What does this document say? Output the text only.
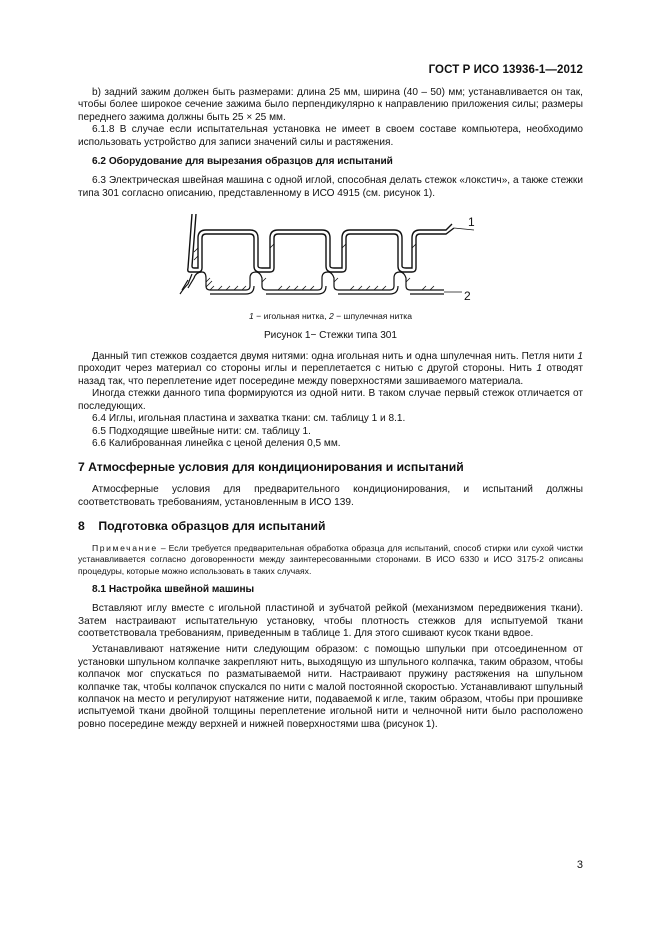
ГОСТ Р ИСО 13936-1—2012

b) задний зажим должен быть размерами: длина 25 мм, ширина (40 – 50) мм; устанавливается он так, чтобы более широкое сечение зажима было перпендикулярно к направлению приложения силы; размеры переднего зажима должны быть 25 × 25 мм.

6.1.8 В случае если испытательная установка не имеет в своем составе компьютера, необходимо использовать устройство для записи значений силы и растяжения.

6.2 Оборудование для вырезания образцов для испытаний

6.3 Электрическая швейная машина с одной иглой, способная делать стежок «локстич», а также стежки типа 301 согласно описанию, представленному в ИСО 4915 (см. рисунок 1).

1
2

1 − игольная нитка, 2 − шпулечная нитка

Рисунок 1− Стежки типа 301

Данный тип стежков создается двумя нитями: одна игольная нить и одна шпулечная нить. Петля нити 1 проходит через материал со стороны иглы и переплетается с нитью с другой стороны. Нить 1 отводят назад так, что переплетение идет посередине между поверхностями зашиваемого материала.

Иногда стежки данного типа формируются из одной нити. В таком случае первый стежок отличается от последующих.

6.4 Иглы, игольная пластина и захватка ткани: см. таблицу 1 и 8.1.

6.5 Подходящие швейные нити: см. таблицу 1.

6.6 Калиброванная линейка с ценой деления 0,5 мм.

7 Атмосферные условия для кондиционирования и испытаний

Атмосферные условия для предварительного кондиционирования, и испытаний должны соответствовать требованиям, установленным в ИСО 139.

8    Подготовка образцов для испытаний

Примечание – Если требуется предварительная обработка образца для испытаний, способ стирки или сухой чистки устанавливается согласно договоренности между заинтересованными сторонами. В ИСО 6330 и ИСО 3175-2 описаны процедуры, которые можно использовать в таких случаях.

8.1 Настройка швейной машины

Вставляют иглу вместе с игольной пластиной и зубчатой рейкой (механизмом передвижения ткани). Затем настраивают испытательную установку, чтобы плотность стежков для испытуемой ткани соответствовала требованиям, приведенным в таблице 1. Для этого сшивают кусок ткани вдвое.

Устанавливают натяжение нити следующим образом: с помощью шпульки при отсоединенном от установки шпульном колпачке закрепляют нить, выходящую из шпульного колпачка, таким образом, чтобы колпачок мог спускаться по разматываемой нити. Настраивают пружину растяжения на шпульном колпачке так, чтобы колпачок спускался по нити с малой постоянной скоростью. Устанавливают шпульный колпачок на место и регулируют натяжение нити, подаваемой к игле, таким образом, чтобы при прошивке испытуемой ткани двойной толщины переплетение игольной нити и челночной нити было расположено ровно посередине между верхней и нижней поверхностями шва (рисунок 1).

3
